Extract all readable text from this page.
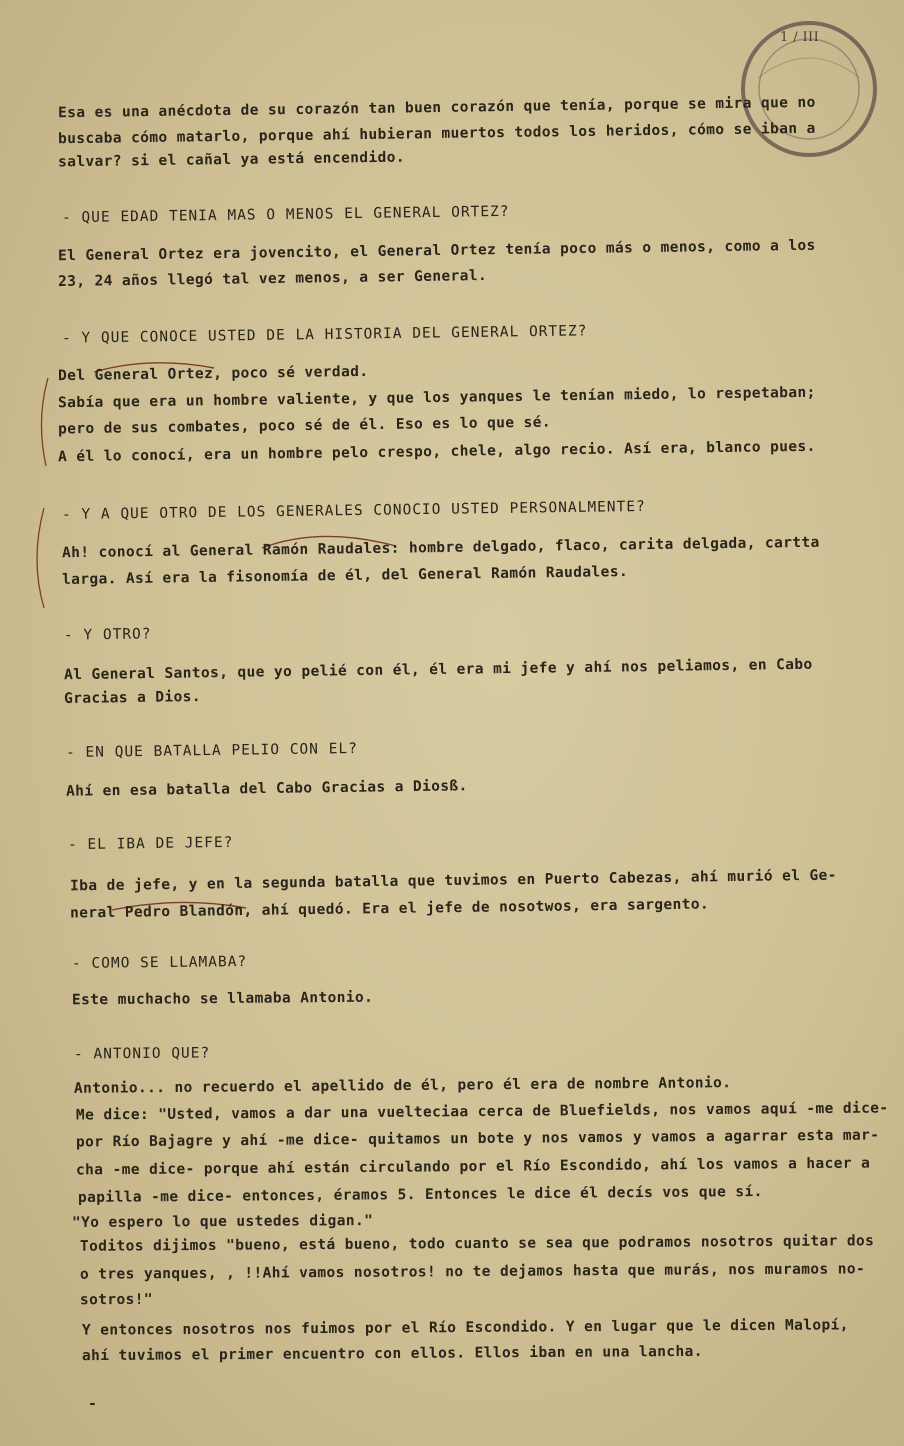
1 / III
Esa es una anécdota de su corazón tan buen corazón que tenía, porque se mira que no
buscaba cómo matarlo, porque ahí hubieran muertos todos los heridos, cómo se iban a
salvar? si el cañal ya está encendido.
- QUE EDAD TENIA MAS O MENOS EL GENERAL ORTEZ?
El General Ortez era jovencito, el General Ortez tenía poco más o menos, como a los
23, 24 años llegó tal vez menos, a ser General.
- Y QUE CONOCE USTED DE LA HISTORIA DEL GENERAL ORTEZ?
Del General Ortez, poco sé verdad.
Sabía que era un hombre valiente, y que los yanques le tenían miedo, lo respetaban;
pero de sus combates, poco sé de él. Eso es lo que sé.
A él lo conocí, era un hombre pelo crespo, chele, algo recio. Así era, blanco pues.
- Y A QUE OTRO DE LOS GENERALES CONOCIO USTED PERSONALMENTE?
Ah! conocí al General Ramón Raudales: hombre delgado, flaco, carita delgada, cartta
larga. Así era la fisonomía de él, del General Ramón Raudales.
- Y OTRO?
Al General Santos, que yo pelié con él, él era mi jefe y ahí nos peliamos, en Cabo
Gracias a Dios.
- EN QUE BATALLA PELIO CON EL?
Ahí en esa batalla del Cabo Gracias a Diosß.
- EL IBA DE JEFE?
Iba de jefe, y en la segunda batalla que tuvimos en Puerto Cabezas, ahí murió el Ge-
neral Pedro Blandón, ahí quedó. Era el jefe de nosotwos, era sargento.
- COMO SE LLAMABA?
Este muchacho se llamaba Antonio.
- ANTONIO QUE?
Antonio... no recuerdo el apellido de él, pero él era de nombre Antonio.
Me dice: "Usted, vamos a dar una vuelteciaa cerca de Bluefields, nos vamos aquí -me dice-
por Río Bajagre y ahí -me dice- quitamos un bote y nos vamos y vamos a agarrar esta mar-
cha -me dice- porque ahí están circulando por el Río Escondido, ahí los vamos a hacer a
papilla -me dice- entonces, éramos 5. Entonces le dice él decís vos que sí.
"Yo espero lo que ustedes digan."
Toditos dijimos "bueno, está bueno, todo cuanto se sea que podramos nosotros quitar dos
o tres yanques, , !!Ahí vamos nosotros! no te dejamos hasta que murás, nos muramos no-
sotros!"
Y entonces nosotros nos fuimos por el Río Escondido. Y en lugar que le dicen Malopí,
ahí tuvimos el primer encuentro con ellos. Ellos iban en una lancha.
-
